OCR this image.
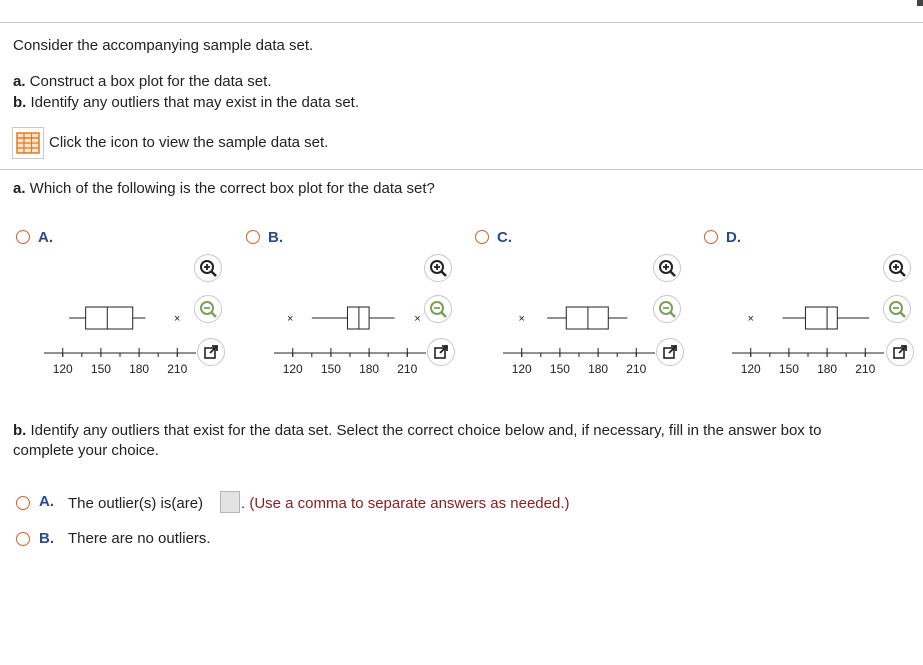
Consider the accompanying sample data set.
a. Construct a box plot for the data set.
b. Identify any outliers that may exist in the data set.
Click the icon to view the sample data set.
a. Which of the following is the correct box plot for the data set?
A.	B.	C.	D.
×
120 150 180 210
×	×
120 150 180 210
×
120 150 180 210
×
120 150 180 210
b. Identify any outliers that exist for the data set. Select the correct choice below and, if necessary, fill in the answer box to
complete your choice.
A. The outlier(s) is(are)	. (Use a comma to separate answers as needed.)
B. There are no outliers.
